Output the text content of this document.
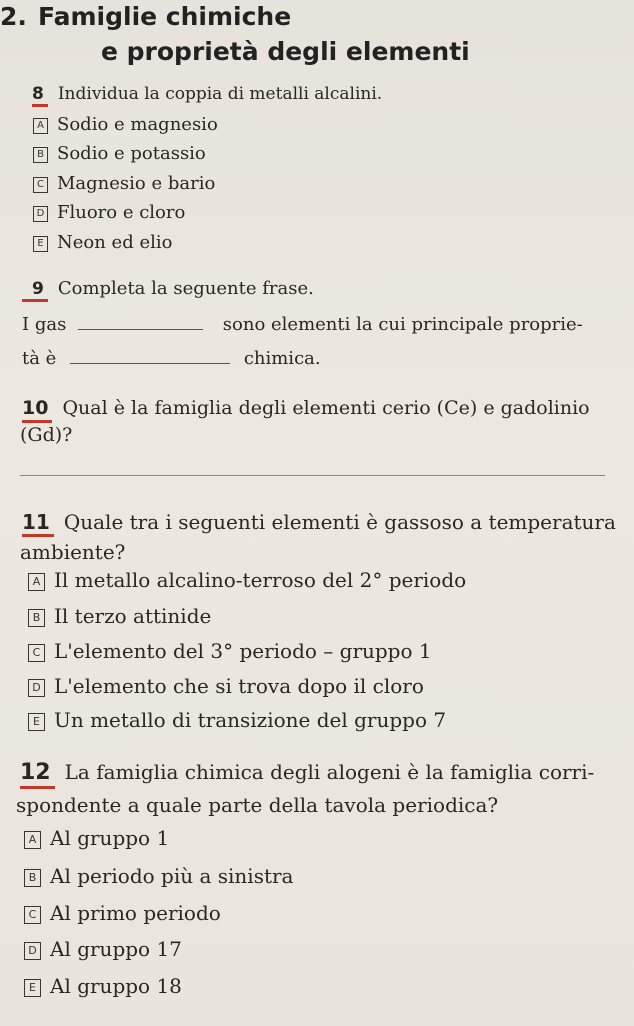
2. Famiglie chimiche
e proprietà degli elementi
8 Individua la coppia di metalli alcalini.
A Sodio e magnesio
B Sodio e potassio
C Magnesio e bario
D Fluoro e cloro
E Neon ed elio
9 Completa la seguente frase.
I gas	sono elementi la cui principale proprie-
tà è	chimica.
10 Qual è la famiglia degli elementi cerio (Ce) e gadolinio
(Gd)?
11 Quale tra i seguenti elementi è gassoso a temperatura
ambiente?
A Il metallo alcalino-terroso del 2° periodo
B Il terzo attinide
C L'elemento del 3° periodo – gruppo 1
D L'elemento che si trova dopo il cloro
E Un metallo di transizione del gruppo 7
12 La famiglia chimica degli alogeni è la famiglia corri-
spondente a quale parte della tavola periodica?
A Al gruppo 1
B Al periodo più a sinistra
C Al primo periodo
D Al gruppo 17
E Al gruppo 18
